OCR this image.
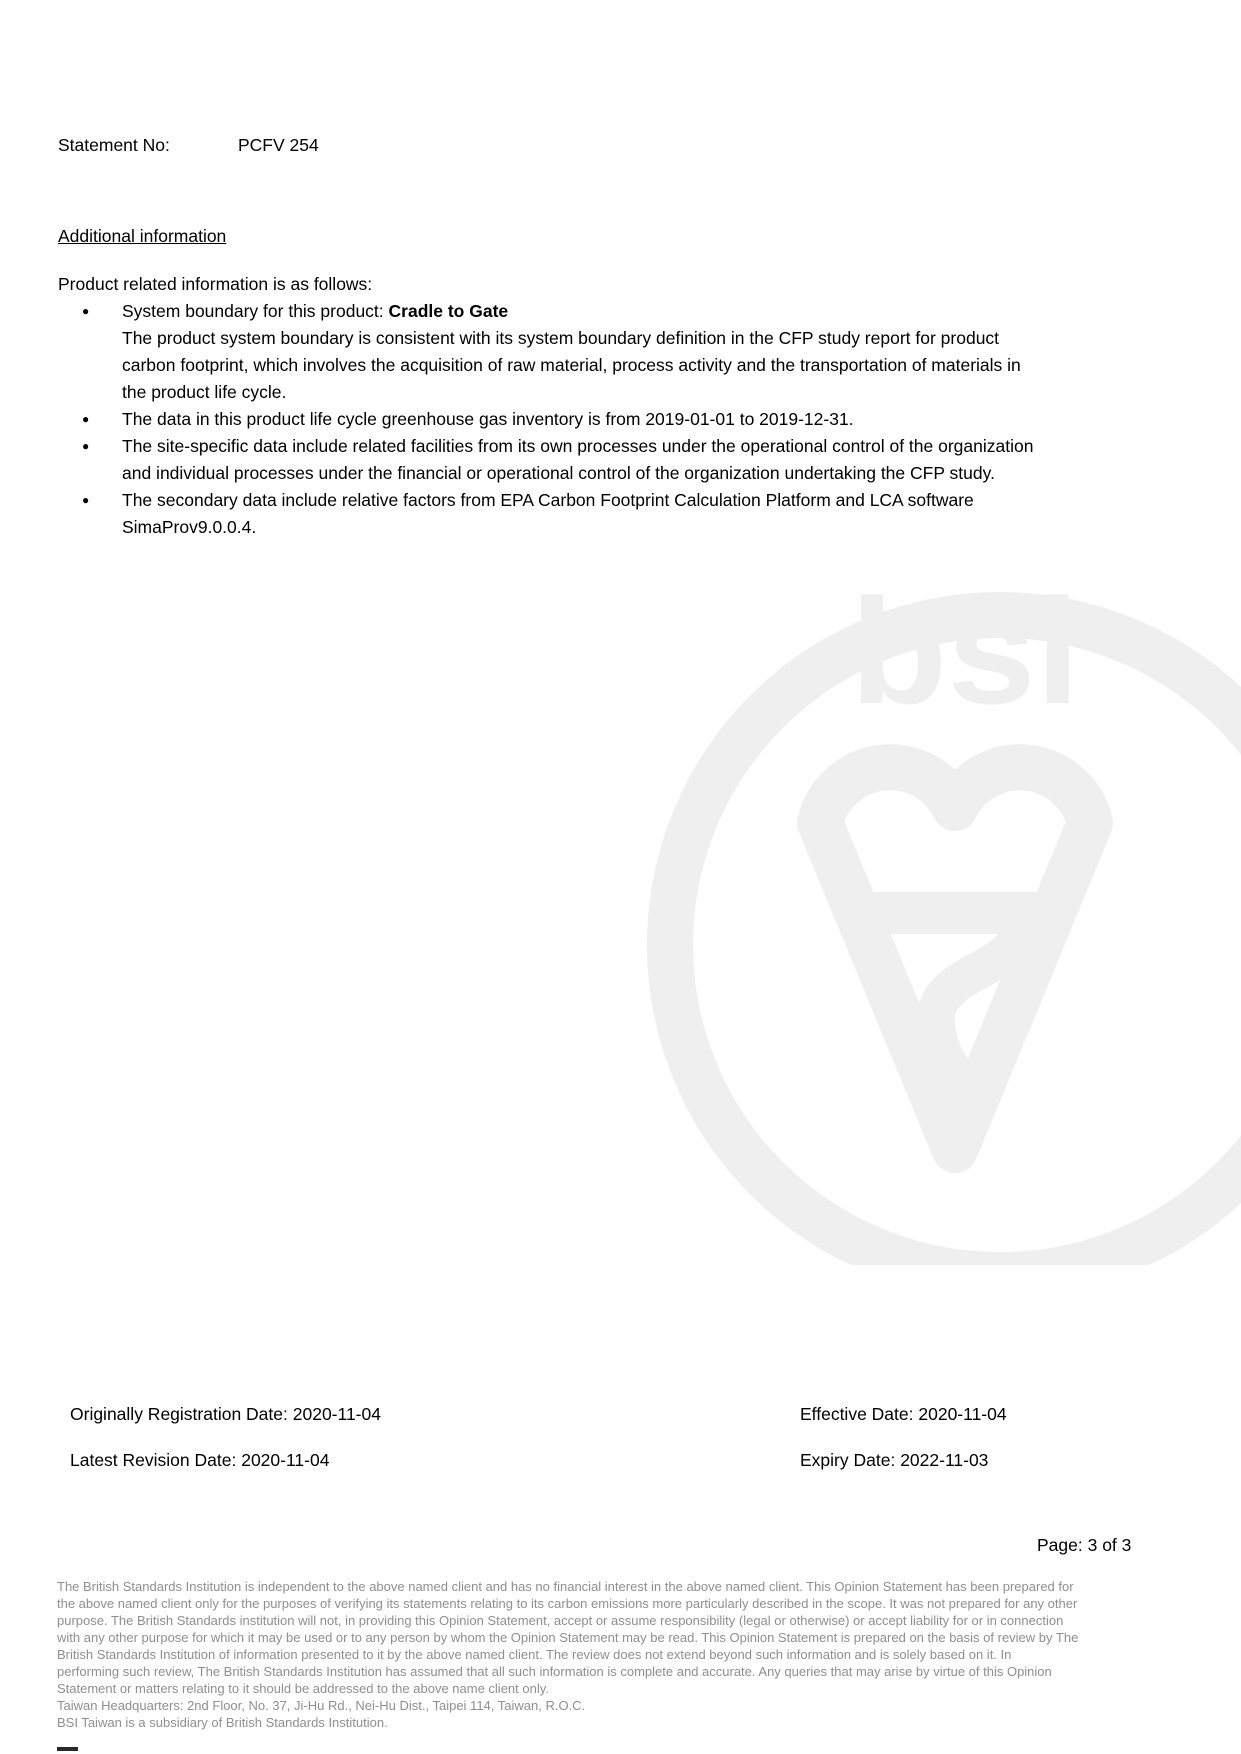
bsi
Statement No:	PCFV 254
Additional information
Product related information is as follows:
● System boundary for this product: Cradle to Gate
The product system boundary is consistent with its system boundary definition in the CFP study report for product carbon footprint, which involves the acquisition of raw material, process activity and the transportation of materials in the product life cycle.
● The data in this product life cycle greenhouse gas inventory is from 2019-01-01 to 2019-12-31.
● The site-specific data include related facilities from its own processes under the operational control of the organization and individual processes under the financial or operational control of the organization undertaking the CFP study.
● The secondary data include relative factors from EPA Carbon Footprint Calculation Platform and LCA software SimaProv9.0.0.4.
Originally Registration Date: 2020-11-04	Effective Date: 2020-11-04
Latest Revision Date: 2020-11-04	Expiry Date: 2022-11-03
Page: 3 of 3
The British Standards Institution is independent to the above named client and has no financial interest in the above named client. This Opinion Statement has been prepared for
the above named client only for the purposes of verifying its statements relating to its carbon emissions more particularly described in the scope. It was not prepared for any other
purpose. The British Standards institution will not, in providing this Opinion Statement, accept or assume responsibility (legal or otherwise) or accept liability for or in connection
with any other purpose for which it may be used or to any person by whom the Opinion Statement may be read. This Opinion Statement is prepared on the basis of review by The
British Standards Institution of information presented to it by the above named client. The review does not extend beyond such information and is solely based on it. In
performing such review, The British Standards Institution has assumed that all such information is complete and accurate. Any queries that may arise by virtue of this Opinion
Statement or matters relating to it should be addressed to the above name client only.
Taiwan Headquarters: 2nd Floor, No. 37, Ji-Hu Rd., Nei-Hu Dist., Taipei 114, Taiwan, R.O.C.
BSI Taiwan is a subsidiary of British Standards Institution.
